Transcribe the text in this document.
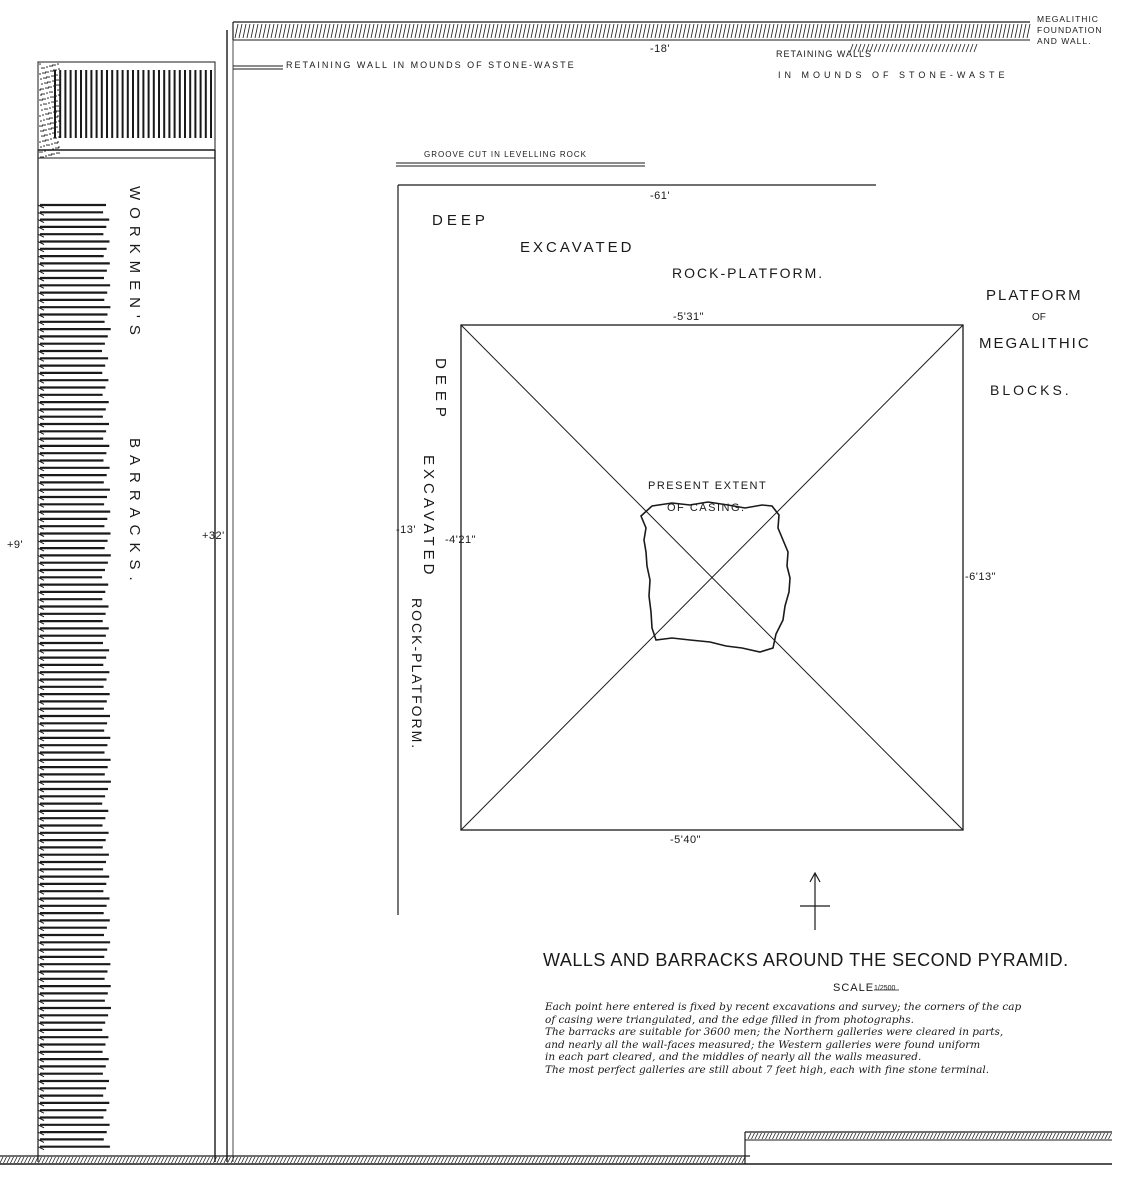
MEGALITHIC
FOUNDATION
AND WALL.
-18'
RETAINING WALL IN MOUNDS OF STONE-WASTE
RETAINING WALLS
IN MOUNDS OF STONE-WASTE
GROOVE CUT IN LEVELLING ROCK
-61'
DEEP
EXCAVATED
ROCK-PLATFORM.
PLATFORM
OF
MEGALITHIC
BLOCKS.
-5'31"
-5'40"
-6'13"
-13'
-4'21"
+9'
+32'
WORKMEN'S
BARRACKS.
DEEP
EXCAVATED
ROCK-PLATFORM.
PRESENT EXTENT
OF CASING.
WALLS AND BARRACKS AROUND THE SECOND PYRAMID.
SCALE 1/2500
Each point here entered is fixed by recent excavations and survey; the corners of the cap
of casing were triangulated, and the edge filled in from photographs.
The barracks are suitable for 3600 men; the Northern galleries were cleared in parts,
and nearly all the wall-faces measured; the Western galleries were found uniform
in each part cleared, and the middles of nearly all the walls measured.
The most perfect galleries are still about 7 feet high, each with fine stone terminal.
